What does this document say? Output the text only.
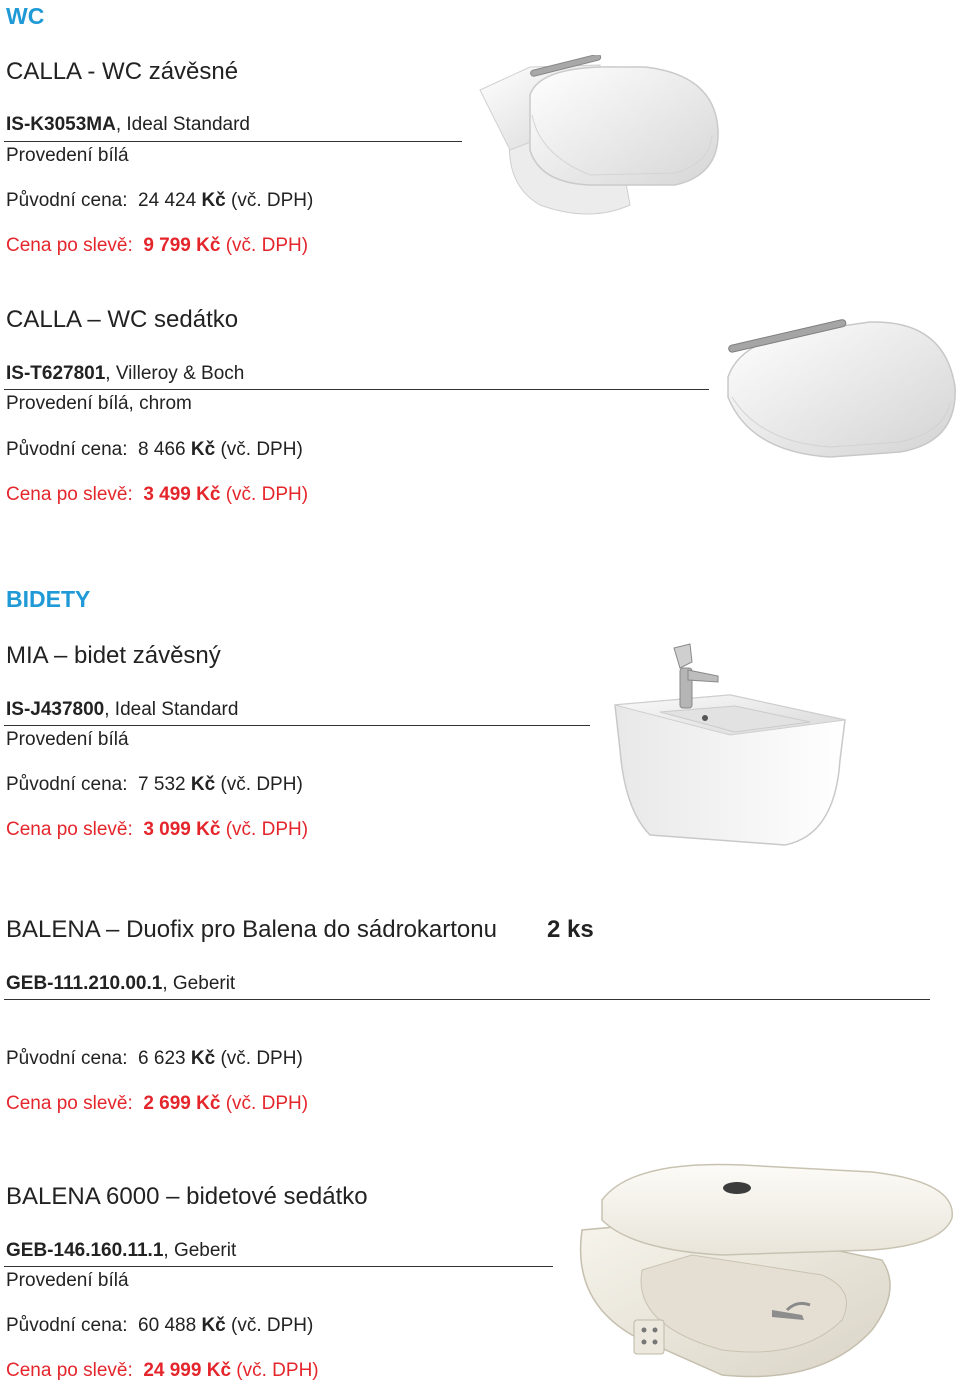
WC
CALLA - WC závěsné
IS-K3053MA, Ideal Standard
Provedení bílá
Původní cena: 24 424 Kč (vč. DPH)
Cena po slevě: 9 799 Kč (vč. DPH)
CALLA – WC sedátko
IS-T627801, Villeroy & Boch
Provedení bílá, chrom
Původní cena: 8 466 Kč (vč. DPH)
Cena po slevě: 3 499 Kč (vč. DPH)
BIDETY
MIA – bidet závěsný
IS-J437800, Ideal Standard
Provedení bílá
Původní cena: 7 532 Kč (vč. DPH)
Cena po slevě: 3 099 Kč (vč. DPH)
BALENA – Duofix pro Balena do sádrokartonu 2 ks
GEB-111.210.00.1, Geberit
Původní cena: 6 623 Kč (vč. DPH)
Cena po slevě: 2 699 Kč (vč. DPH)
BALENA 6000 – bidetové sedátko
GEB-146.160.11.1, Geberit
Provedení bílá
Původní cena: 60 488 Kč (vč. DPH)
Cena po slevě: 24 999 Kč (vč. DPH)
